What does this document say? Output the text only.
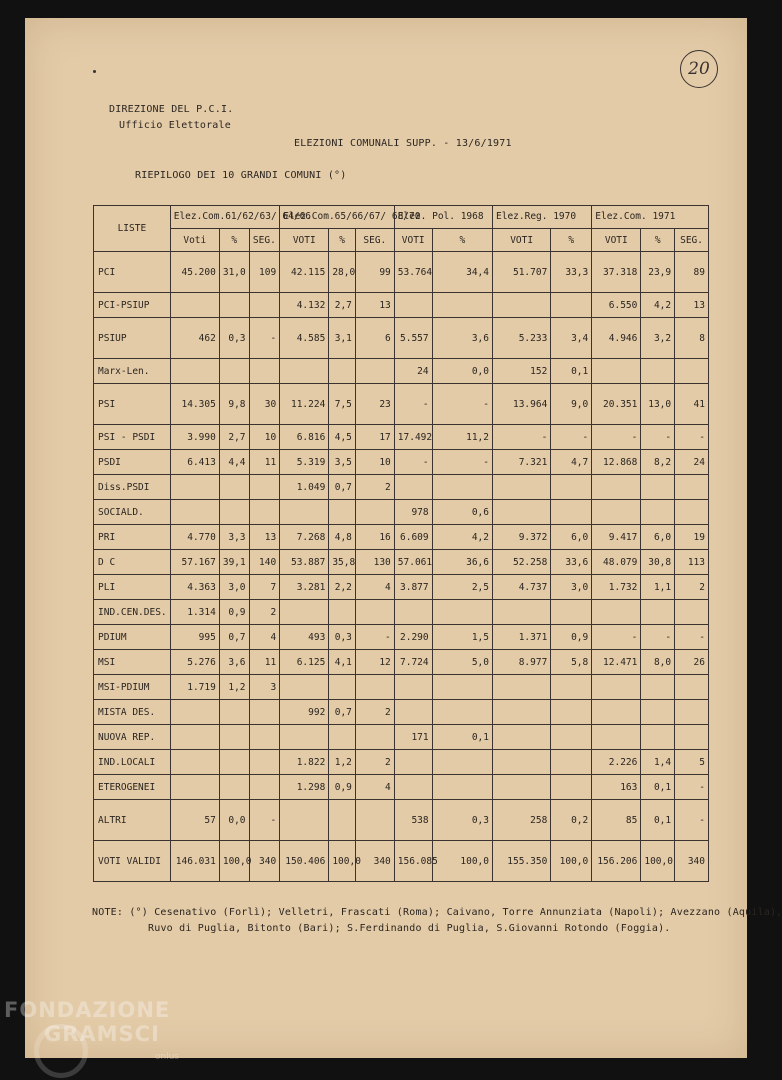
20
DIREZIONE DEL P.C.I.
Ufficio Elettorale
ELEZIONI COMUNALI SUPP. - 13/6/1971
RIEPILOGO DEI 10 GRANDI COMUNI (°)
LISTE	Elez.Com.61/62/63/ 64/66			Elez.Com.65/66/67/ 68/70			Elez. Pol. 1968		Elez.Reg. 1970		Elez.Com. 1971		
	Voti	%	SEG.	VOTI	%	SEG.	VOTI	%	VOTI	%	VOTI	%	SEG.
PCI	45.200	31,0	109	42.115	28,0	99	53.764	34,4	51.707	33,3	37.318	23,9	89
PCI-PSIUP				4.132	2,7	13					6.550	4,2	13
PSIUP	462	0,3	-	4.585	3,1	6	5.557	3,6	5.233	3,4	4.946	3,2	8
Marx-Len.							24	0,0	152	0,1			
PSI	14.305	9,8	30	11.224	7,5	23	-	-	13.964	9,0	20.351	13,0	41
PSI - PSDI	3.990	2,7	10	6.816	4,5	17	17.492	11,2	-	-	-	-	-
PSDI	6.413	4,4	11	5.319	3,5	10	-	-	7.321	4,7	12.868	8,2	24
Diss.PSDI				1.049	0,7	2							
SOCIALD.							978	0,6					
PRI	4.770	3,3	13	7.268	4,8	16	6.609	4,2	9.372	6,0	9.417	6,0	19
D C	57.167	39,1	140	53.887	35,8	130	57.061	36,6	52.258	33,6	48.079	30,8	113
PLI	4.363	3,0	7	3.281	2,2	4	3.877	2,5	4.737	3,0	1.732	1,1	2
IND.CEN.DES.	1.314	0,9	2										
PDIUM	995	0,7	4	493	0,3	-	2.290	1,5	1.371	0,9	-	-	-
MSI	5.276	3,6	11	6.125	4,1	12	7.724	5,0	8.977	5,8	12.471	8,0	26
MSI-PDIUM	1.719	1,2	3										
MISTA DES.				992	0,7	2							
NUOVA REP.							171	0,1					
IND.LOCALI				1.822	1,2	2					2.226	1,4	5
ETEROGENEI				1.298	0,9	4					163	0,1	-
ALTRI	57	0,0	-				538	0,3	258	0,2	85	0,1	-
VOTI VALIDI	146.031	100,0	340	150.406	100,0	340	156.085	100,0	155.350	100,0	156.206	100,0	340
NOTE: (°) Cesenativo (Forlì); Velletri, Frascati (Roma); Caivano, Torre Annunziata (Napoli); Avezzano (Aquila),
Ruvo di Puglia, Bitonto (Bari); S.Ferdinando di Puglia, S.Giovanni Rotondo (Foggia).
FONDAZIONE
GRAMSCI
onlus
